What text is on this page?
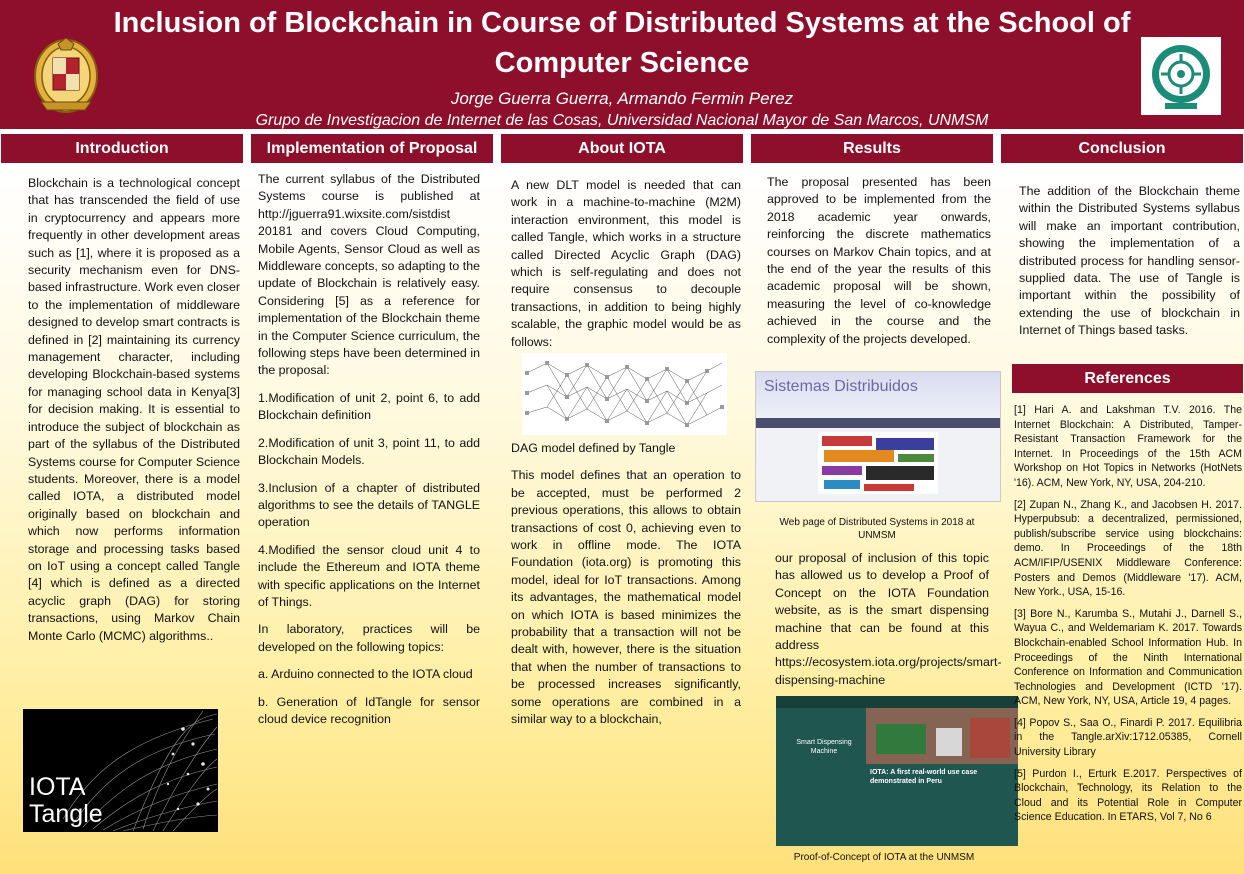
Inclusion of Blockchain in Course of Distributed Systems at the School of Computer Science
Jorge Guerra Guerra, Armando Fermin Perez
Grupo de Investigacion de Internet de las Cosas, Universidad Nacional Mayor de San Marcos, UNMSM
Introduction	Implementation of Proposal	About IOTA	Results	Conclusion

Blockchain is a technological concept that has transcended the field of use in cryptocurrency and appears more frequently in other development areas such as [1], where it is proposed as a security mechanism even for DNS-based infrastructure. Work even closer to the implementation of middleware designed to develop smart contracts is defined in [2] maintaining its currency management character, including developing Blockchain-based systems for managing school data in Kenya[3] for decision making. It is essential to introduce the subject of blockchain as part of the syllabus of the Distributed Systems course for Computer Science students. Moreover, there is a model called IOTA, a distributed model originally based on blockchain and which now performs information storage and processing tasks based on IoT using a concept called Tangle [4] which is defined as a directed acyclic graph (DAG) for storing transactions, using Markov Chain Monte Carlo (MCMC) algorithms..

IOTA
Tangle

The current syllabus of the Distributed Systems course is published at http://jguerra91.wixsite.com/sistdist 20181 and covers Cloud Computing, Mobile Agents, Sensor Cloud as well as Middleware concepts, so adapting to the update of Blockchain is relatively easy. Considering [5] as a reference for implementation of the Blockchain theme in the Computer Science curriculum, the following steps have been determined in the proposal:

1.Modification of unit 2, point 6, to add Blockchain definition

2.Modification of unit 3, point 11, to add Blockchain Models.

3.Inclusion of a chapter of distributed algorithms to see the details of TANGLE operation

4.Modified the sensor cloud unit 4 to include the Ethereum and IOTA theme with specific applications on the Internet of Things.

In laboratory, practices will be developed on the following topics:

a. Arduino connected to the IOTA cloud

b. Generation of IdTangle for sensor cloud device recognition

A new DLT model is needed that can work in a machine-to-machine (M2M) interaction environment, this model is called Tangle, which works in a structure called Directed Acyclic Graph (DAG) which is self-regulating and does not require consensus to decouple transactions, in addition to being highly scalable, the graphic model would be as follows:

DAG model defined by Tangle

This model defines that an operation to be accepted, must be performed 2 previous operations, this allows to obtain transactions of cost 0, achieving even to work in offline mode. The IOTA Foundation (iota.org) is promoting this model, ideal for IoT transactions. Among its advantages, the mathematical model on which IOTA is based minimizes the probability that a transaction will not be dealt with, however, there is the situation that when the number of transactions to be processed increases significantly, some operations are combined in a similar way to a blockchain,

The proposal presented has been approved to be implemented from the 2018 academic year onwards, reinforcing the discrete mathematics courses on Markov Chain topics, and at the end of the year the results of this academic proposal will be shown, measuring the level of co-knowledge achieved in the course and the complexity of the projects developed.

Sistemas Distribuidos
Web page of Distributed Systems in 2018 at UNMSM

our proposal of inclusion of this topic has allowed us to develop a Proof of Concept on the IOTA Foundation website, as is the smart dispensing machine that can be found at this address https://ecosystem.iota.org/projects/smart-dispensing-machine

Smart Dispensing Machine
IOTA: A first real-world use case demonstrated in Peru
Proof-of-Concept of IOTA at the UNMSM

The addition of the Blockchain theme within the Distributed Systems syllabus will make an important contribution, showing the implementation of a distributed process for handling sensor-supplied data. The use of Tangle is important within the possibility of extending the use of blockchain in Internet of Things based tasks.

References

[1] Hari A. and Lakshman T.V. 2016. The Internet Blockchain: A Distributed, Tamper-Resistant Transaction Framework for the Internet. In Proceedings of the 15th ACM Workshop on Hot Topics in Networks (HotNets '16). ACM, New York, NY, USA, 204-210.

[2] Zupan N., Zhang K., and Jacobsen H. 2017. Hyperpubsub: a decentralized, permissioned, publish/subscribe service using blockchains: demo. In Proceedings of the 18th ACM/IFIP/USENIX Middleware Conference: Posters and Demos (Middleware '17). ACM, New York., USA, 15-16.

[3] Bore N., Karumba S., Mutahi J., Darnell S., Wayua C., and Weldemariam K. 2017. Towards Blockchain-enabled School Information Hub. In Proceedings of the Ninth International Conference on Information and Communication Technologies and Development (ICTD '17). ACM, New York, NY, USA, Article 19, 4 pages.

[4] Popov S., Saa O., Finardi P. 2017. Equilibria in the Tangle.arXiv:1712.05385, Cornell University Library

[5] Purdon I., Erturk E.2017. Perspectives of Blockchain, Technology, its Relation to the Cloud and its Potential Role in Computer Science Education. In ETARS, Vol 7, No 6
